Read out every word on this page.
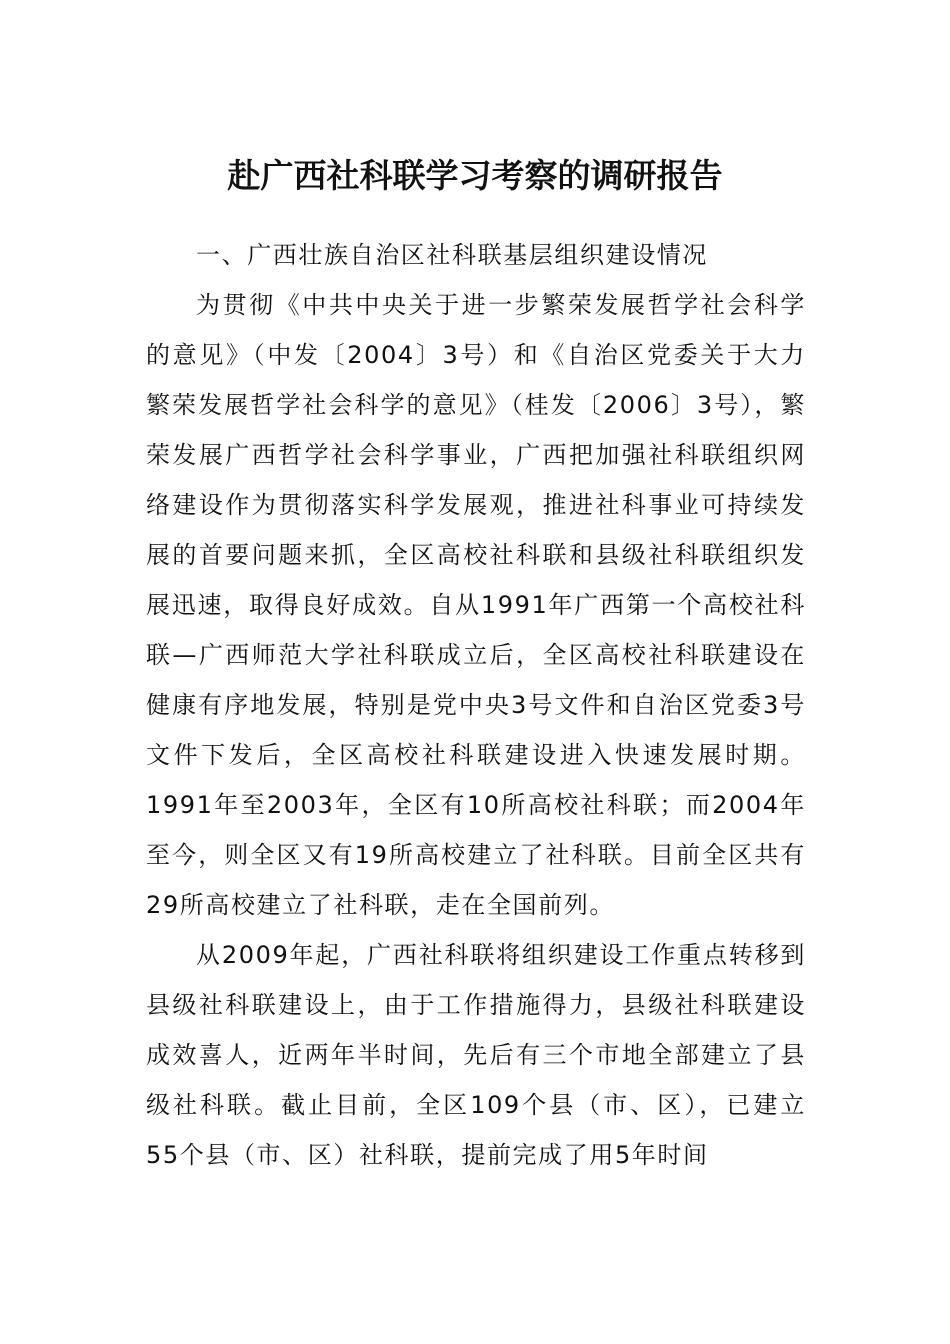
赴广西社科联学习考察的调研报告

一、广西壮族自治区社科联基层组织建设情况

为贯彻《中共中央关于进一步繁荣发展哲学社会科学的意见》（中发〔2004〕3号）和《自治区党委关于大力繁荣发展哲学社会科学的意见》（桂发〔2006〕3号），繁荣发展广西哲学社会科学事业，广西把加强社科联组织网络建设作为贯彻落实科学发展观，推进社科事业可持续发展的首要问题来抓，全区高校社科联和县级社科联组织发展迅速，取得良好成效。自从1991年广西第一个高校社科联—广西师范大学社科联成立后，全区高校社科联建设在健康有序地发展，特别是党中央3号文件和自治区党委3号文件下发后，全区高校社科联建设进入快速发展时期。1991年至2003年，全区有10所高校社科联；而2004年至今，则全区又有19所高校建立了社科联。目前全区共有29所高校建立了社科联，走在全国前列。

从2009年起，广西社科联将组织建设工作重点转移到县级社科联建设上，由于工作措施得力，县级社科联建设成效喜人，近两年半时间，先后有三个市地全部建立了县级社科联。截止目前，全区109个县（市、区），已建立55个县（市、区）社科联，提前完成了用5年时间
